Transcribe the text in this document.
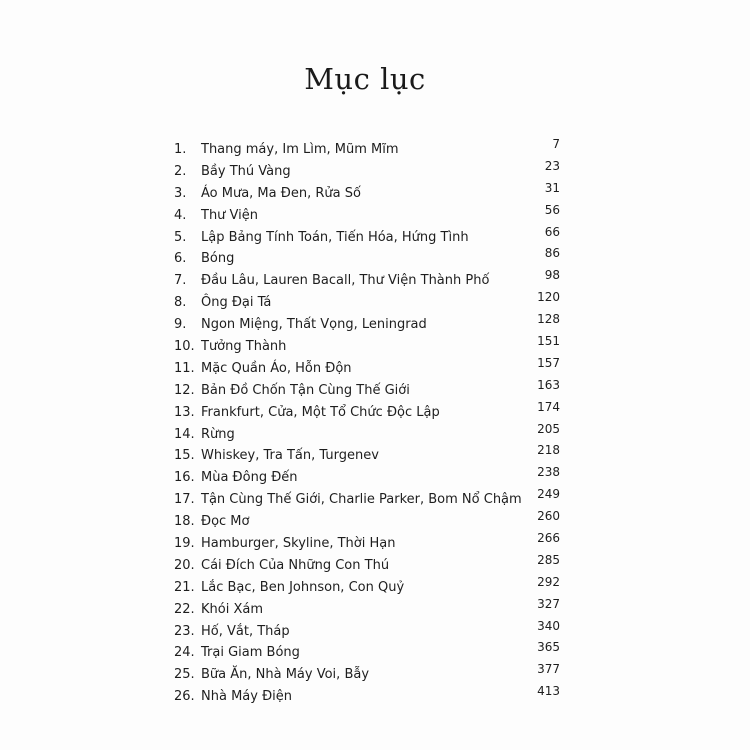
Mục lục
1. Thang máy, Im Lìm, Mũm Mĩm	7
2. Bầy Thú Vàng	23
3. Áo Mưa, Ma Đen, Rửa Số	31
4. Thư Viện	56
5. Lập Bảng Tính Toán, Tiến Hóa, Hứng Tình	66
6. Bóng	86
7. Đầu Lâu, Lauren Bacall, Thư Viện Thành Phố	98
8. Ông Đại Tá	120
9. Ngon Miệng, Thất Vọng, Leningrad	128
10. Tưởng Thành	151
11. Mặc Quần Áo, Hỗn Độn	157
12. Bản Đồ Chốn Tận Cùng Thế Giới	163
13. Frankfurt, Cửa, Một Tổ Chức Độc Lập	174
14. Rừng	205
15. Whiskey, Tra Tấn, Turgenev	218
16. Mùa Đông Đến	238
17. Tận Cùng Thế Giới, Charlie Parker, Bom Nổ Chậm 249
18. Đọc Mơ	260
19. Hamburger, Skyline, Thời Hạn	266
20. Cái Đích Của Những Con Thú	285
21. Lắc Bạc, Ben Johnson, Con Quỷ	292
22. Khói Xám	327
23. Hố, Vắt, Tháp	340
24. Trại Giam Bóng	365
25. Bữa Ăn, Nhà Máy Voi, Bẫy	377
26. Nhà Máy Điện	413
